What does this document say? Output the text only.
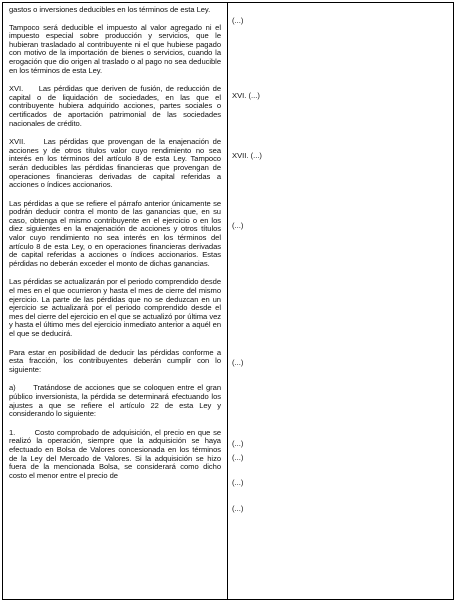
gastos o inversiones deducibles en los términos de esta Ley.

Tampoco será deducible el impuesto al valor agregado ni el impuesto especial sobre producción y servicios, que le hubieran trasladado al contribuyente ni el que hubiese pagado con motivo de la importación de bienes o servicios, cuando la erogación que dio origen al traslado o al pago no sea deducible en los términos de esta Ley.

XVI.     Las pérdidas que deriven de fusión, de reducción de capital o de liquidación de sociedades, en las que el contribuyente hubiera adquirido acciones, partes sociales o certificados de aportación patrimonial de las sociedades nacionales de crédito.

XVII.     Las pérdidas que provengan de la enajenación de acciones y de otros títulos valor cuyo rendimiento no sea interés en los términos del artículo 8 de esta Ley. Tampoco serán deducibles las pérdidas financieras que provengan de operaciones financieras derivadas de capital referidas a acciones o índices accionarios.

Las pérdidas a que se refiere el párrafo anterior únicamente se podrán deducir contra el monto de las ganancias que, en su caso, obtenga el mismo contribuyente en el ejercicio o en los diez siguientes en la enajenación de acciones y otros títulos valor cuyo rendimiento no sea interés en los términos del artículo 8 de esta Ley, o en operaciones financieras derivadas de capital referidas a acciones o índices accionarios. Estas pérdidas no deberán exceder el monto de dichas ganancias.

Las pérdidas se actualizarán por el periodo comprendido desde el mes en el que ocurrieron y hasta el mes de cierre del mismo ejercicio. La parte de las pérdidas que no se deduzcan en un ejercicio se actualizará por el periodo comprendido desde el mes del cierre del ejercicio en el que se actualizó por última vez y hasta el último mes del ejercicio inmediato anterior a aquél en el que se deducirá.

Para estar en posibilidad de deducir las pérdidas conforme a esta fracción, los contribuyentes deberán cumplir con lo siguiente:

a)      Tratándose de acciones que se coloquen entre el gran público inversionista, la pérdida se determinará efectuando los ajustes a que se refiere el artículo 22 de esta Ley y considerando lo siguiente:

1.       Costo comprobado de adquisición, el precio en que se realizó la operación, siempre que la adquisición se haya efectuado en Bolsa de Valores concesionada en los términos de la Ley del Mercado de Valores. Si la adquisición se hizo fuera de la mencionada Bolsa, se considerará como dicho costo el menor entre el precio de

(...)
XVI. (...)
XVII. (...)
(...)
(...)
(...)
(...)
(...)
(...)
